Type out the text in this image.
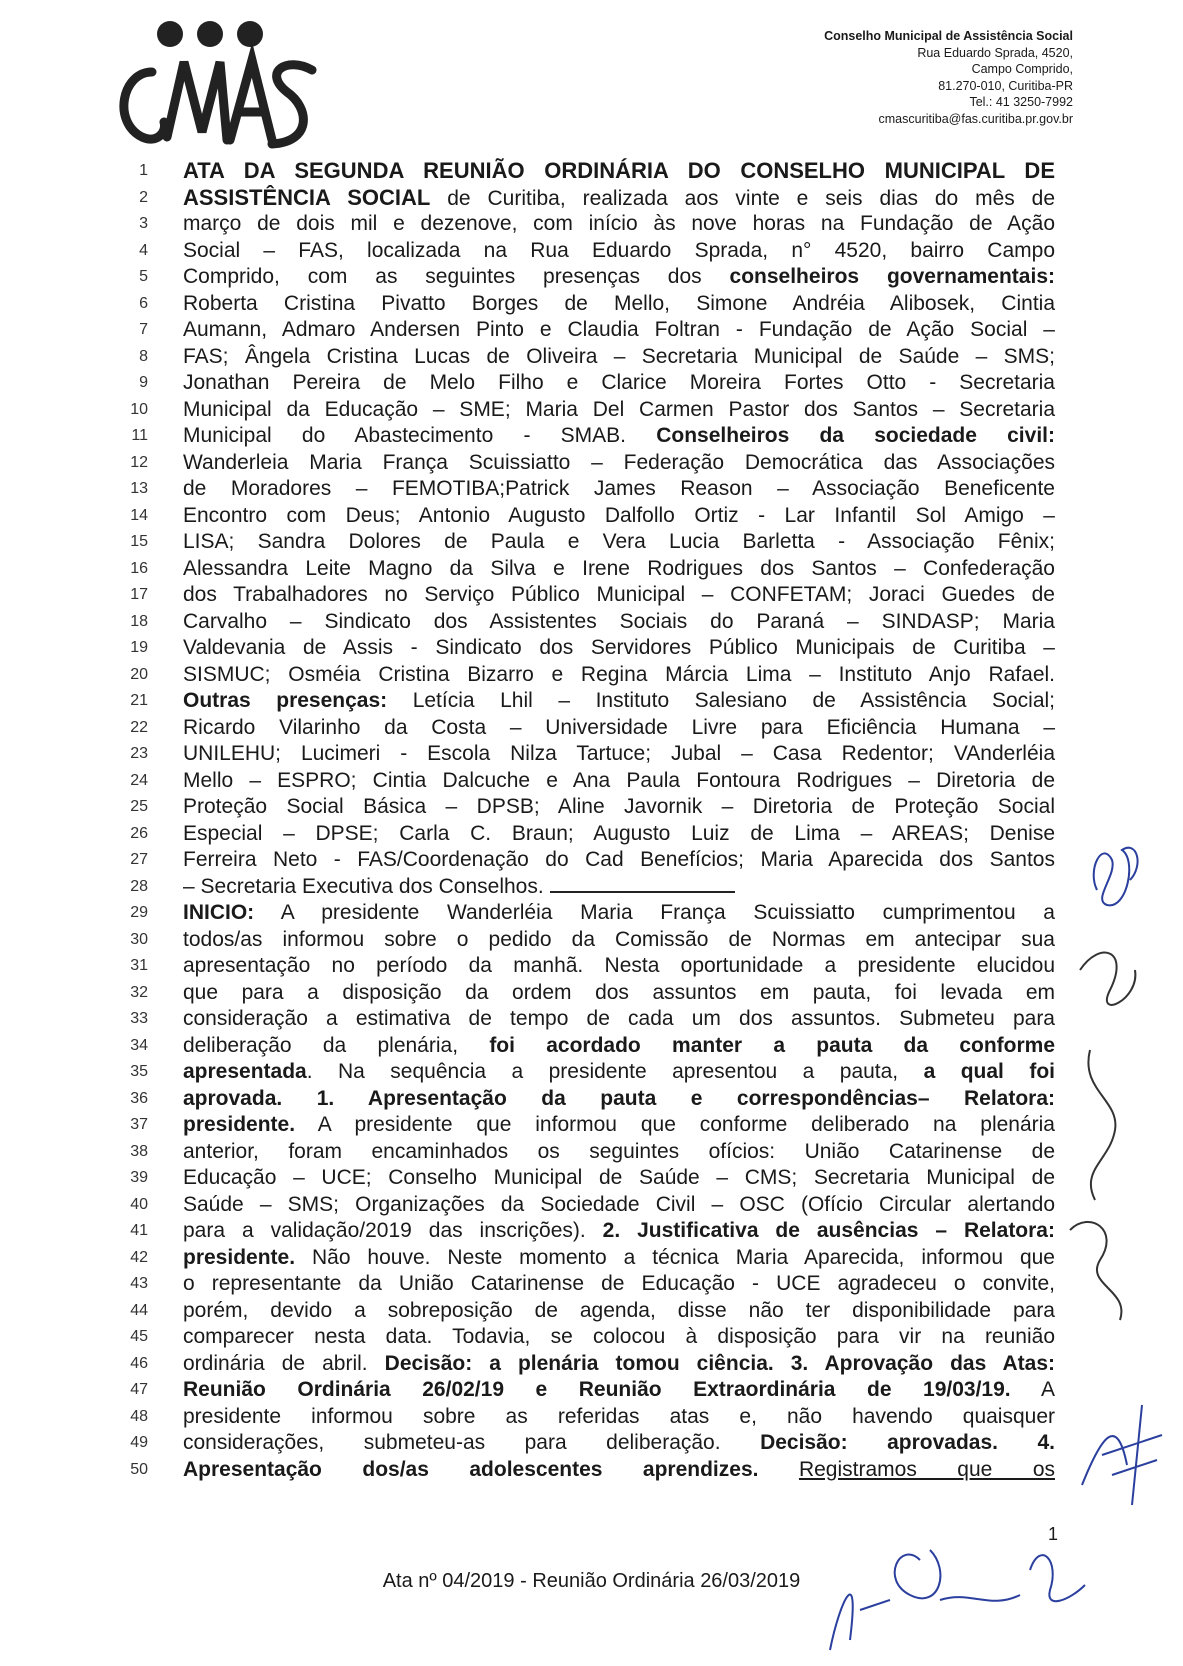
Conselho Municipal de Assistência Social
Rua Eduardo Sprada, 4520,
Campo Comprido,
81.270-010, Curitiba-PR
Tel.: 41 3250-7992
cmascuritiba@fas.curitiba.pr.gov.br
1 ATA DA SEGUNDA REUNIÃO ORDINÁRIA DO CONSELHO MUNICIPAL DE
2 ASSISTÊNCIA SOCIAL de Curitiba, realizada aos vinte e seis dias do mês de
3 março de dois mil e dezenove, com início às nove horas na Fundação de Ação
4 Social – FAS, localizada na Rua Eduardo Sprada, n° 4520, bairro Campo
5 Comprido, com as seguintes presenças dos conselheiros governamentais:
6 Roberta Cristina Pivatto Borges de Mello, Simone Andréia Alibosek, Cintia
7 Aumann, Admaro Andersen Pinto e Claudia Foltran - Fundação de Ação Social –
8 FAS; Ângela Cristina Lucas de Oliveira – Secretaria Municipal de Saúde – SMS;
9 Jonathan Pereira de Melo Filho e Clarice Moreira Fortes Otto - Secretaria
10 Municipal da Educação – SME; Maria Del Carmen Pastor dos Santos – Secretaria
11 Municipal do Abastecimento - SMAB. Conselheiros da sociedade civil:
12 Wanderleia Maria França Scuissiatto – Federação Democrática das Associações
13 de Moradores – FEMOTIBA;Patrick James Reason – Associação Beneficente
14 Encontro com Deus; Antonio Augusto Dalfollo Ortiz - Lar Infantil Sol Amigo –
15 LISA; Sandra Dolores de Paula e Vera Lucia Barletta - Associação Fênix;
16 Alessandra Leite Magno da Silva e Irene Rodrigues dos Santos – Confederação
17 dos Trabalhadores no Serviço Público Municipal – CONFETAM; Joraci Guedes de
18 Carvalho – Sindicato dos Assistentes Sociais do Paraná – SINDASP; Maria
19 Valdevania de Assis - Sindicato dos Servidores Público Municipais de Curitiba –
20 SISMUC; Osméia Cristina Bizarro e Regina Márcia Lima – Instituto Anjo Rafael.
21 Outras presenças: Letícia Lhil – Instituto Salesiano de Assistência Social;
22 Ricardo Vilarinho da Costa – Universidade Livre para Eficiência Humana –
23 UNILEHU; Lucimeri - Escola Nilza Tartuce; Jubal – Casa Redentor; VAnderléia
24 Mello – ESPRO; Cintia Dalcuche e Ana Paula Fontoura Rodrigues – Diretoria de
25 Proteção Social Básica – DPSB; Aline Javornik – Diretoria de Proteção Social
26 Especial – DPSE; Carla C. Braun; Augusto Luiz de Lima – AREAS; Denise
27 Ferreira Neto - FAS/Coordenação do Cad Benefícios; Maria Aparecida dos Santos
28 – Secretaria Executiva dos Conselhos.
29 INICIO: A presidente Wanderléia Maria França Scuissiatto cumprimentou a
30 todos/as informou sobre o pedido da Comissão de Normas em antecipar sua
31 apresentação no período da manhã. Nesta oportunidade a presidente elucidou
32 que para a disposição da ordem dos assuntos em pauta, foi levada em
33 consideração a estimativa de tempo de cada um dos assuntos. Submeteu para
34 deliberação da plenária, foi acordado manter a pauta da conforme
35 apresentada. Na sequência a presidente apresentou a pauta, a qual foi
36 aprovada. 1. Apresentação da pauta e correspondências– Relatora:
37 presidente. A presidente que informou que conforme deliberado na plenária
38 anterior, foram encaminhados os seguintes ofícios: União Catarinense de
39 Educação – UCE; Conselho Municipal de Saúde – CMS; Secretaria Municipal de
40 Saúde – SMS; Organizações da Sociedade Civil – OSC (Ofício Circular alertando
41 para a validação/2019 das inscrições). 2. Justificativa de ausências – Relatora:
42 presidente. Não houve. Neste momento a técnica Maria Aparecida, informou que
43 o representante da União Catarinense de Educação - UCE agradeceu o convite,
44 porém, devido a sobreposição de agenda, disse não ter disponibilidade para
45 comparecer nesta data. Todavia, se colocou à disposição para vir na reunião
46 ordinária de abril. Decisão: a plenária tomou ciência. 3. Aprovação das Atas:
47 Reunião Ordinária 26/02/19 e Reunião Extraordinária de 19/03/19. A
48 presidente informou sobre as referidas atas e, não havendo quaisquer
49 considerações, submeteu-as para deliberação. Decisão: aprovadas. 4.
50 Apresentação dos/as adolescentes aprendizes. Registramos que os
1
Ata nº 04/2019 - Reunião Ordinária 26/03/2019
